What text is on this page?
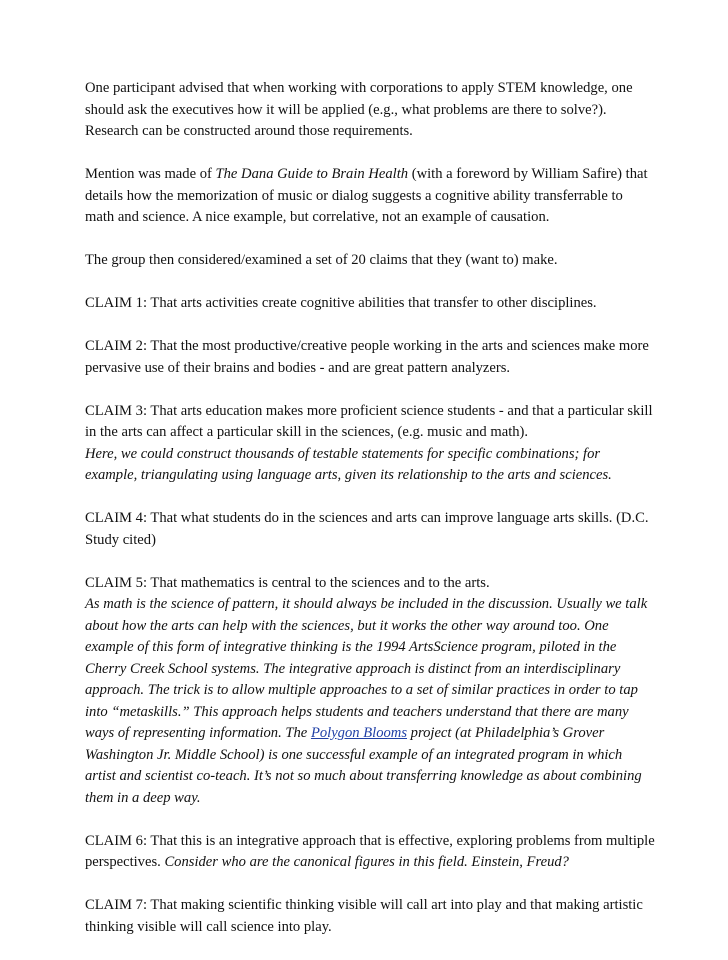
One participant advised that when working with corporations to apply STEM knowledge, one should ask the executives how it will be applied (e.g., what problems are there to solve?). Research can be constructed around those requirements.

Mention was made of The Dana Guide to Brain Health (with a foreword by William Safire) that details how the memorization of music or dialog suggests a cognitive ability transferrable to math and science. A nice example, but correlative, not an example of causation.

The group then considered/examined a set of 20 claims that they (want to) make.

CLAIM 1: That arts activities create cognitive abilities that transfer to other disciplines.

CLAIM 2: That the most productive/creative people working in the arts and sciences make more pervasive use of their brains and bodies - and are great pattern analyzers.

CLAIM 3: That arts education makes more proficient science students - and that a particular skill in the arts can affect a particular skill in the sciences, (e.g. music and math).

Here, we could construct thousands of testable statements for specific combinations; for example, triangulating using language arts, given its relationship to the arts and sciences.

CLAIM 4: That what students do in the sciences and arts can improve language arts skills. (D.C. Study cited)

CLAIM 5: That mathematics is central to the sciences and to the arts.

As math is the science of pattern, it should always be included in the discussion. Usually we talk about how the arts can help with the sciences, but it works the other way around too. One example of this form of integrative thinking is the 1994 ArtsScience program, piloted in the Cherry Creek School systems. The integrative approach is distinct from an interdisciplinary approach. The trick is to allow multiple approaches to a set of similar practices in order to tap into “metaskills.” This approach helps students and teachers understand that there are many ways of representing information. The Polygon Blooms project (at Philadelphia’s Grover Washington Jr. Middle School) is one successful example of an integrated program in which artist and scientist co-teach. It’s not so much about transferring knowledge as about combining them in a deep way.

CLAIM 6: That this is an integrative approach that is effective, exploring problems from multiple perspectives. Consider who are the canonical figures in this field. Einstein, Freud?

CLAIM 7: That making scientific thinking visible will call art into play and that making artistic thinking visible will call science into play.
